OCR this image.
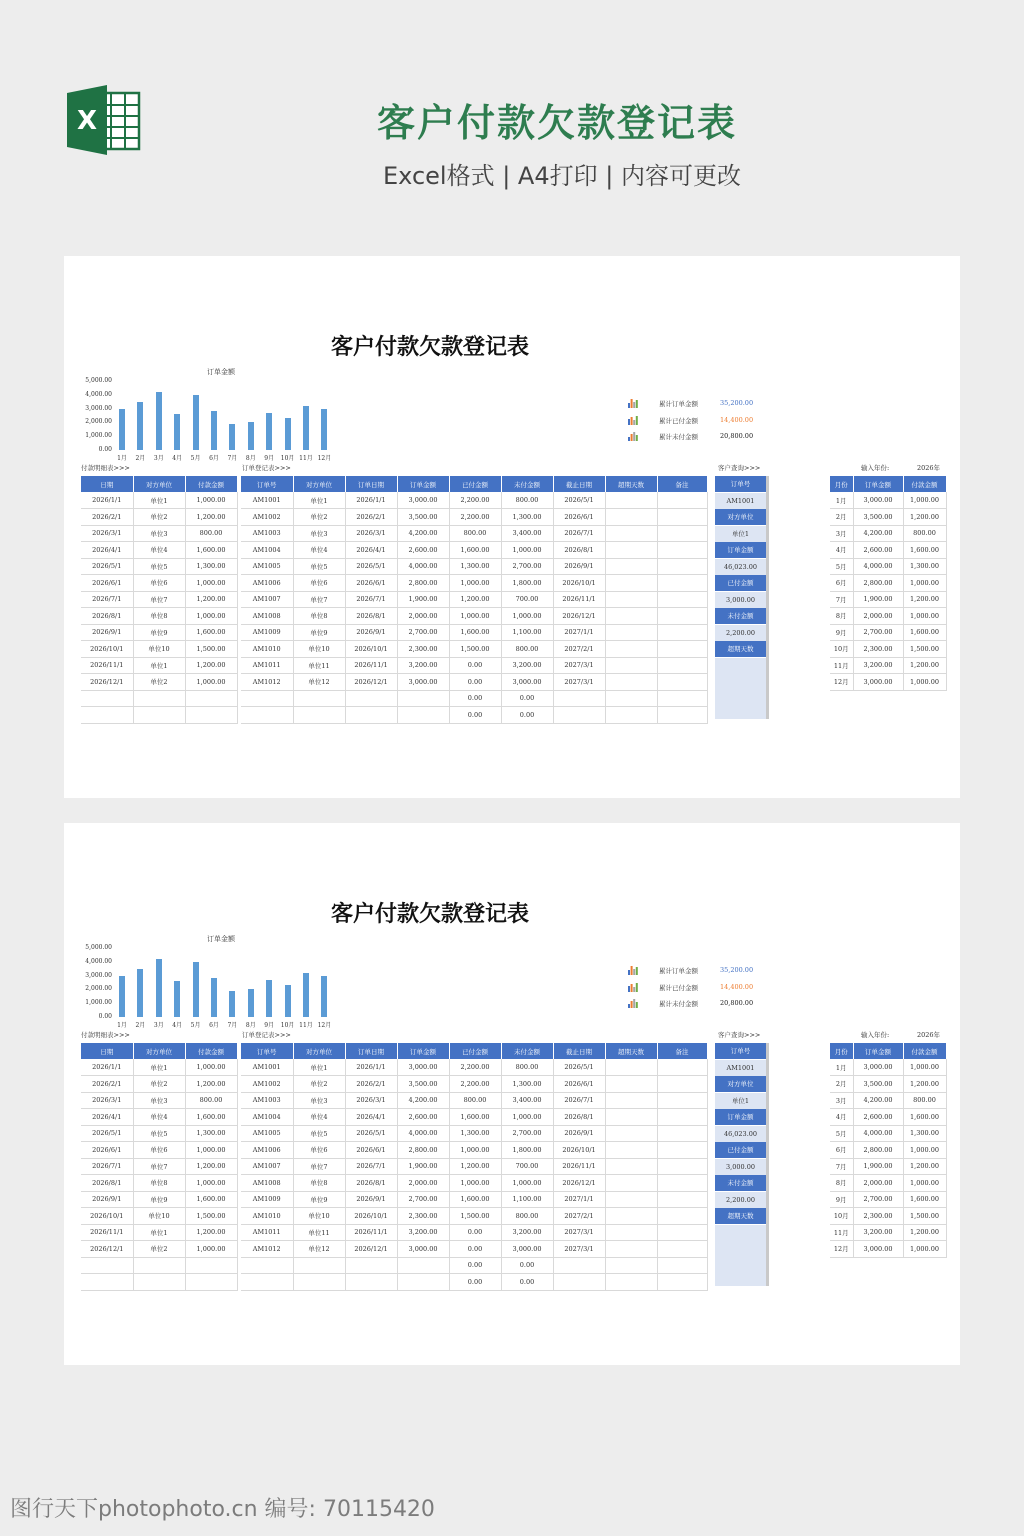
X	客户付款欠款登记表
Excel格式 | A4打印 | 内容可更改
客户付款欠款登记表
订单金额
5,000.00
4,000.00
3,000.00
2,000.00
1,000.00
0.00
1月	2月	3月	4月	5月	6月	7月	8月	9月	10月 11月 12月
累计订单金额	35,200.00
累计已付金额	14,400.00
累计未付金额	20,800.00
付款明细表>>>	订单登记表>>>	客户查询>>>	输入年份:	2026年
日期	对方单位	付款金额
2026/1/1	单位1	1,000.00
2026/2/1	单位2	1,200.00
2026/3/1	单位3	800.00
2026/4/1	单位4	1,600.00
2026/5/1	单位5	1,300.00
2026/6/1	单位6	1,000.00
2026/7/1	单位7	1,200.00
2026/8/1	单位8	1,000.00
2026/9/1	单位9	1,600.00
2026/10/1	单位10	1,500.00
2026/11/1	单位1	1,200.00
2026/12/1	单位2	1,000.00

订单号	对方单位	订单日期	订单金额	已付金额	未付金额	截止日期	超期天数	备注
AM1001	单位1	2026/1/1	3,000.00	2,200.00	800.00	2026/5/1		
AM1002	单位2	2026/2/1	3,500.00	2,200.00	1,300.00	2026/6/1		
AM1003	单位3	2026/3/1	4,200.00	800.00	3,400.00	2026/7/1		
AM1004	单位4	2026/4/1	2,600.00	1,600.00	1,000.00	2026/8/1		
AM1005	单位5	2026/5/1	4,000.00	1,300.00	2,700.00	2026/9/1		
AM1006	单位6	2026/6/1	2,800.00	1,000.00	1,800.00	2026/10/1		
AM1007	单位7	2026/7/1	1,900.00	1,200.00	700.00	2026/11/1		
AM1008	单位8	2026/8/1	2,000.00	1,000.00	1,000.00	2026/12/1		
AM1009	单位9	2026/9/1	2,700.00	1,600.00	1,100.00	2027/1/1		
AM1010	单位10	2026/10/1	2,300.00	1,500.00	800.00	2027/2/1		
AM1011	单位11	2026/11/1	3,200.00	0.00	3,200.00	2027/3/1		
AM1012	单位12	2026/12/1	3,000.00	0.00	3,000.00	2027/3/1		
				0.00	0.00			
				0.00	0.00			
月份	订单金额	付款金额
1月	3,000.00	1,000.00
2月	3,500.00	1,200.00
3月	4,200.00	800.00
4月	2,600.00	1,600.00
5月	4,000.00	1,300.00
6月	2,800.00	1,000.00
7月	1,900.00	1,200.00
8月	2,000.00	1,000.00
9月	2,700.00	1,600.00
10月	2,300.00	1,500.00
11月	3,200.00	1,200.00
12月	3,000.00	1,000.00
订单号
AM1001
对方单位
单位1
订单金额
46,023.00
已付金额
3,000.00
未付金额
2,200.00
超期天数
客户付款欠款登记表
订单金额
5,000.00
4,000.00
3,000.00
2,000.00
1,000.00
0.00
1月	2月	3月	4月	5月	6月	7月	8月	9月	10月 11月 12月
累计订单金额	35,200.00
累计已付金额	14,400.00
累计未付金额	20,800.00
付款明细表>>>	订单登记表>>>	客户查询>>>	输入年份:	2026年
日期	对方单位	付款金额
2026/1/1	单位1	1,000.00
2026/2/1	单位2	1,200.00
2026/3/1	单位3	800.00
2026/4/1	单位4	1,600.00
2026/5/1	单位5	1,300.00
2026/6/1	单位6	1,000.00
2026/7/1	单位7	1,200.00
2026/8/1	单位8	1,000.00
2026/9/1	单位9	1,600.00
2026/10/1	单位10	1,500.00
2026/11/1	单位1	1,200.00
2026/12/1	单位2	1,000.00

订单号	对方单位	订单日期	订单金额	已付金额	未付金额	截止日期	超期天数	备注
AM1001	单位1	2026/1/1	3,000.00	2,200.00	800.00	2026/5/1		
AM1002	单位2	2026/2/1	3,500.00	2,200.00	1,300.00	2026/6/1		
AM1003	单位3	2026/3/1	4,200.00	800.00	3,400.00	2026/7/1		
AM1004	单位4	2026/4/1	2,600.00	1,600.00	1,000.00	2026/8/1		
AM1005	单位5	2026/5/1	4,000.00	1,300.00	2,700.00	2026/9/1		
AM1006	单位6	2026/6/1	2,800.00	1,000.00	1,800.00	2026/10/1		
AM1007	单位7	2026/7/1	1,900.00	1,200.00	700.00	2026/11/1		
AM1008	单位8	2026/8/1	2,000.00	1,000.00	1,000.00	2026/12/1		
AM1009	单位9	2026/9/1	2,700.00	1,600.00	1,100.00	2027/1/1		
AM1010	单位10	2026/10/1	2,300.00	1,500.00	800.00	2027/2/1		
AM1011	单位11	2026/11/1	3,200.00	0.00	3,200.00	2027/3/1		
AM1012	单位12	2026/12/1	3,000.00	0.00	3,000.00	2027/3/1		
				0.00	0.00			
				0.00	0.00			
月份	订单金额	付款金额
1月	3,000.00	1,000.00
2月	3,500.00	1,200.00
3月	4,200.00	800.00
4月	2,600.00	1,600.00
5月	4,000.00	1,300.00
6月	2,800.00	1,000.00
7月	1,900.00	1,200.00
8月	2,000.00	1,000.00
9月	2,700.00	1,600.00
10月	2,300.00	1,500.00
11月	3,200.00	1,200.00
12月	3,000.00	1,000.00
订单号
AM1001
对方单位
单位1
订单金额
46,023.00
已付金额
3,000.00
未付金额
2,200.00
超期天数
图行天下photophoto.cn 编号: 70115420
